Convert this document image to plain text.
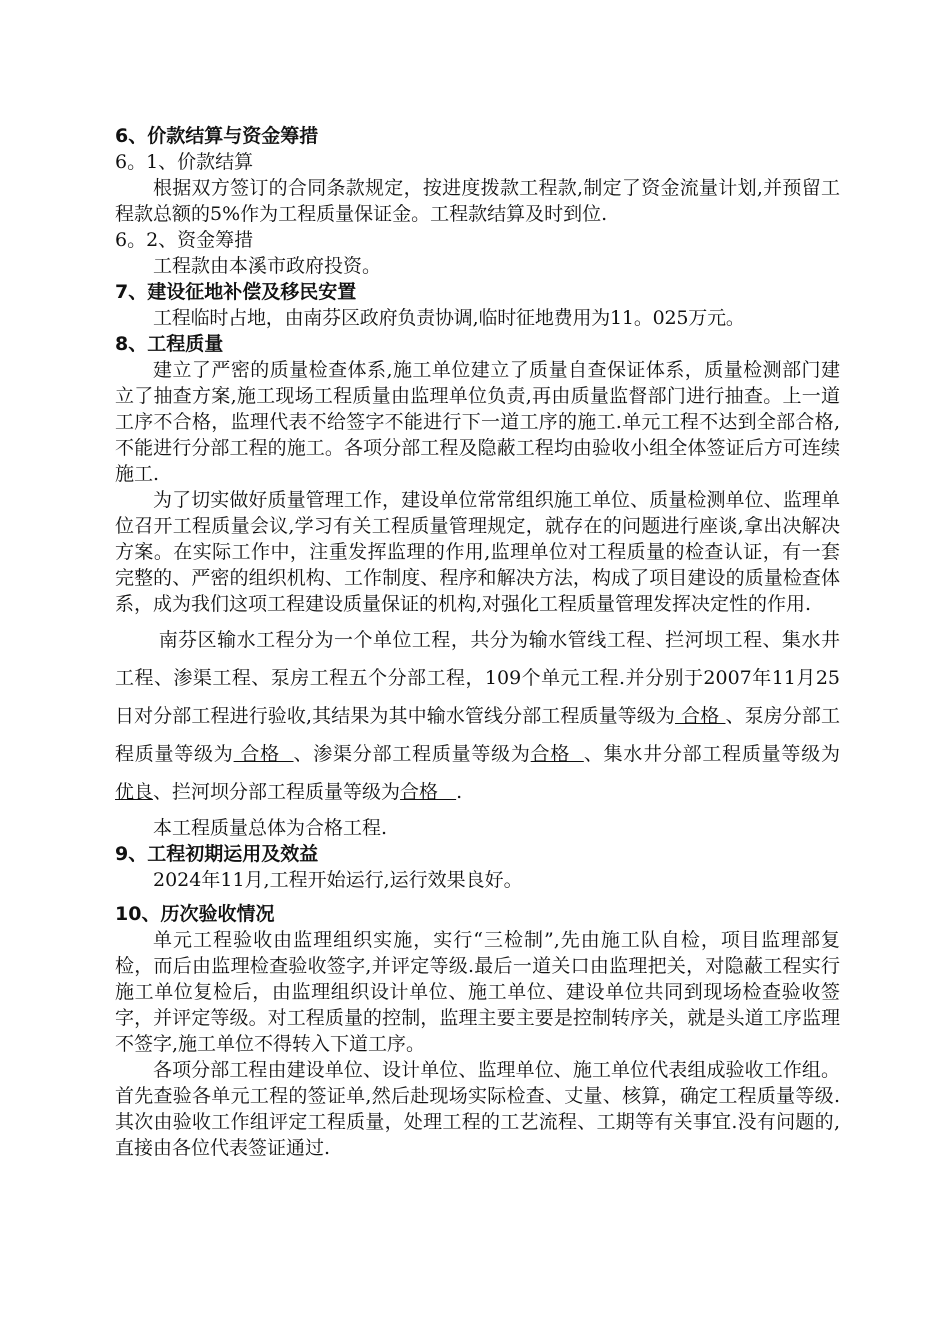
6、价款结算与资金筹措

6。1、价款结算

根据双方签订的合同条款规定，按进度拨款工程款,制定了资金流量计划,并预留工程款总额的5%作为工程质量保证金。工程款结算及时到位.

6。2、资金筹措

工程款由本溪市政府投资。

7、建设征地补偿及移民安置

工程临时占地，由南芬区政府负责协调,临时征地费用为11。025万元。

8、工程质量

建立了严密的质量检查体系,施工单位建立了质量自查保证体系，质量检测部门建立了抽查方案,施工现场工程质量由监理单位负责,再由质量监督部门进行抽查。上一道工序不合格，监理代表不给签字不能进行下一道工序的施工.单元工程不达到全部合格,不能进行分部工程的施工。各项分部工程及隐蔽工程均由验收小组全体签证后方可连续施工.

为了切实做好质量管理工作，建设单位常常组织施工单位、质量检测单位、监理单位召开工程质量会议,学习有关工程质量管理规定，就存在的问题进行座谈,拿出决解决方案。在实际工作中，注重发挥监理的作用,监理单位对工程质量的检查认证，有一套完整的、严密的组织机构、工作制度、程序和解决方法，构成了项目建设的质量检查体系，成为我们这项工程建设质量保证的机构,对强化工程质量管理发挥决定性的作用.

南芬区输水工程分为一个单位工程，共分为输水管线工程、拦河坝工程、集水井工程、渗渠工程、泵房工程五个分部工程，109个单元工程.并分别于2007年11月25日对分部工程进行验收,其结果为其中输水管线分部工程质量等级为 合格 、泵房分部工程质量等级为 合格  、渗渠分部工程质量等级为合格  、集水井分部工程质量等级为优良、拦河坝分部工程质量等级为合格   .

本工程质量总体为合格工程.

9、工程初期运用及效益

2024年11月,工程开始运行,运行效果良好。

10、历次验收情况

单元工程验收由监理组织实施，实行“三检制”,先由施工队自检，项目监理部复检，而后由监理检查验收签字,并评定等级.最后一道关口由监理把关，对隐蔽工程实行施工单位复检后，由监理组织设计单位、施工单位、建设单位共同到现场检查验收签字，并评定等级。对工程质量的控制，监理主要主要是控制转序关，就是头道工序监理不签字,施工单位不得转入下道工序。

各项分部工程由建设单位、设计单位、监理单位、施工单位代表组成验收工作组。首先查验各单元工程的签证单,然后赴现场实际检查、丈量、核算，确定工程质量等级.其次由验收工作组评定工程质量，处理工程的工艺流程、工期等有关事宜.没有问题的,直接由各位代表签证通过.
